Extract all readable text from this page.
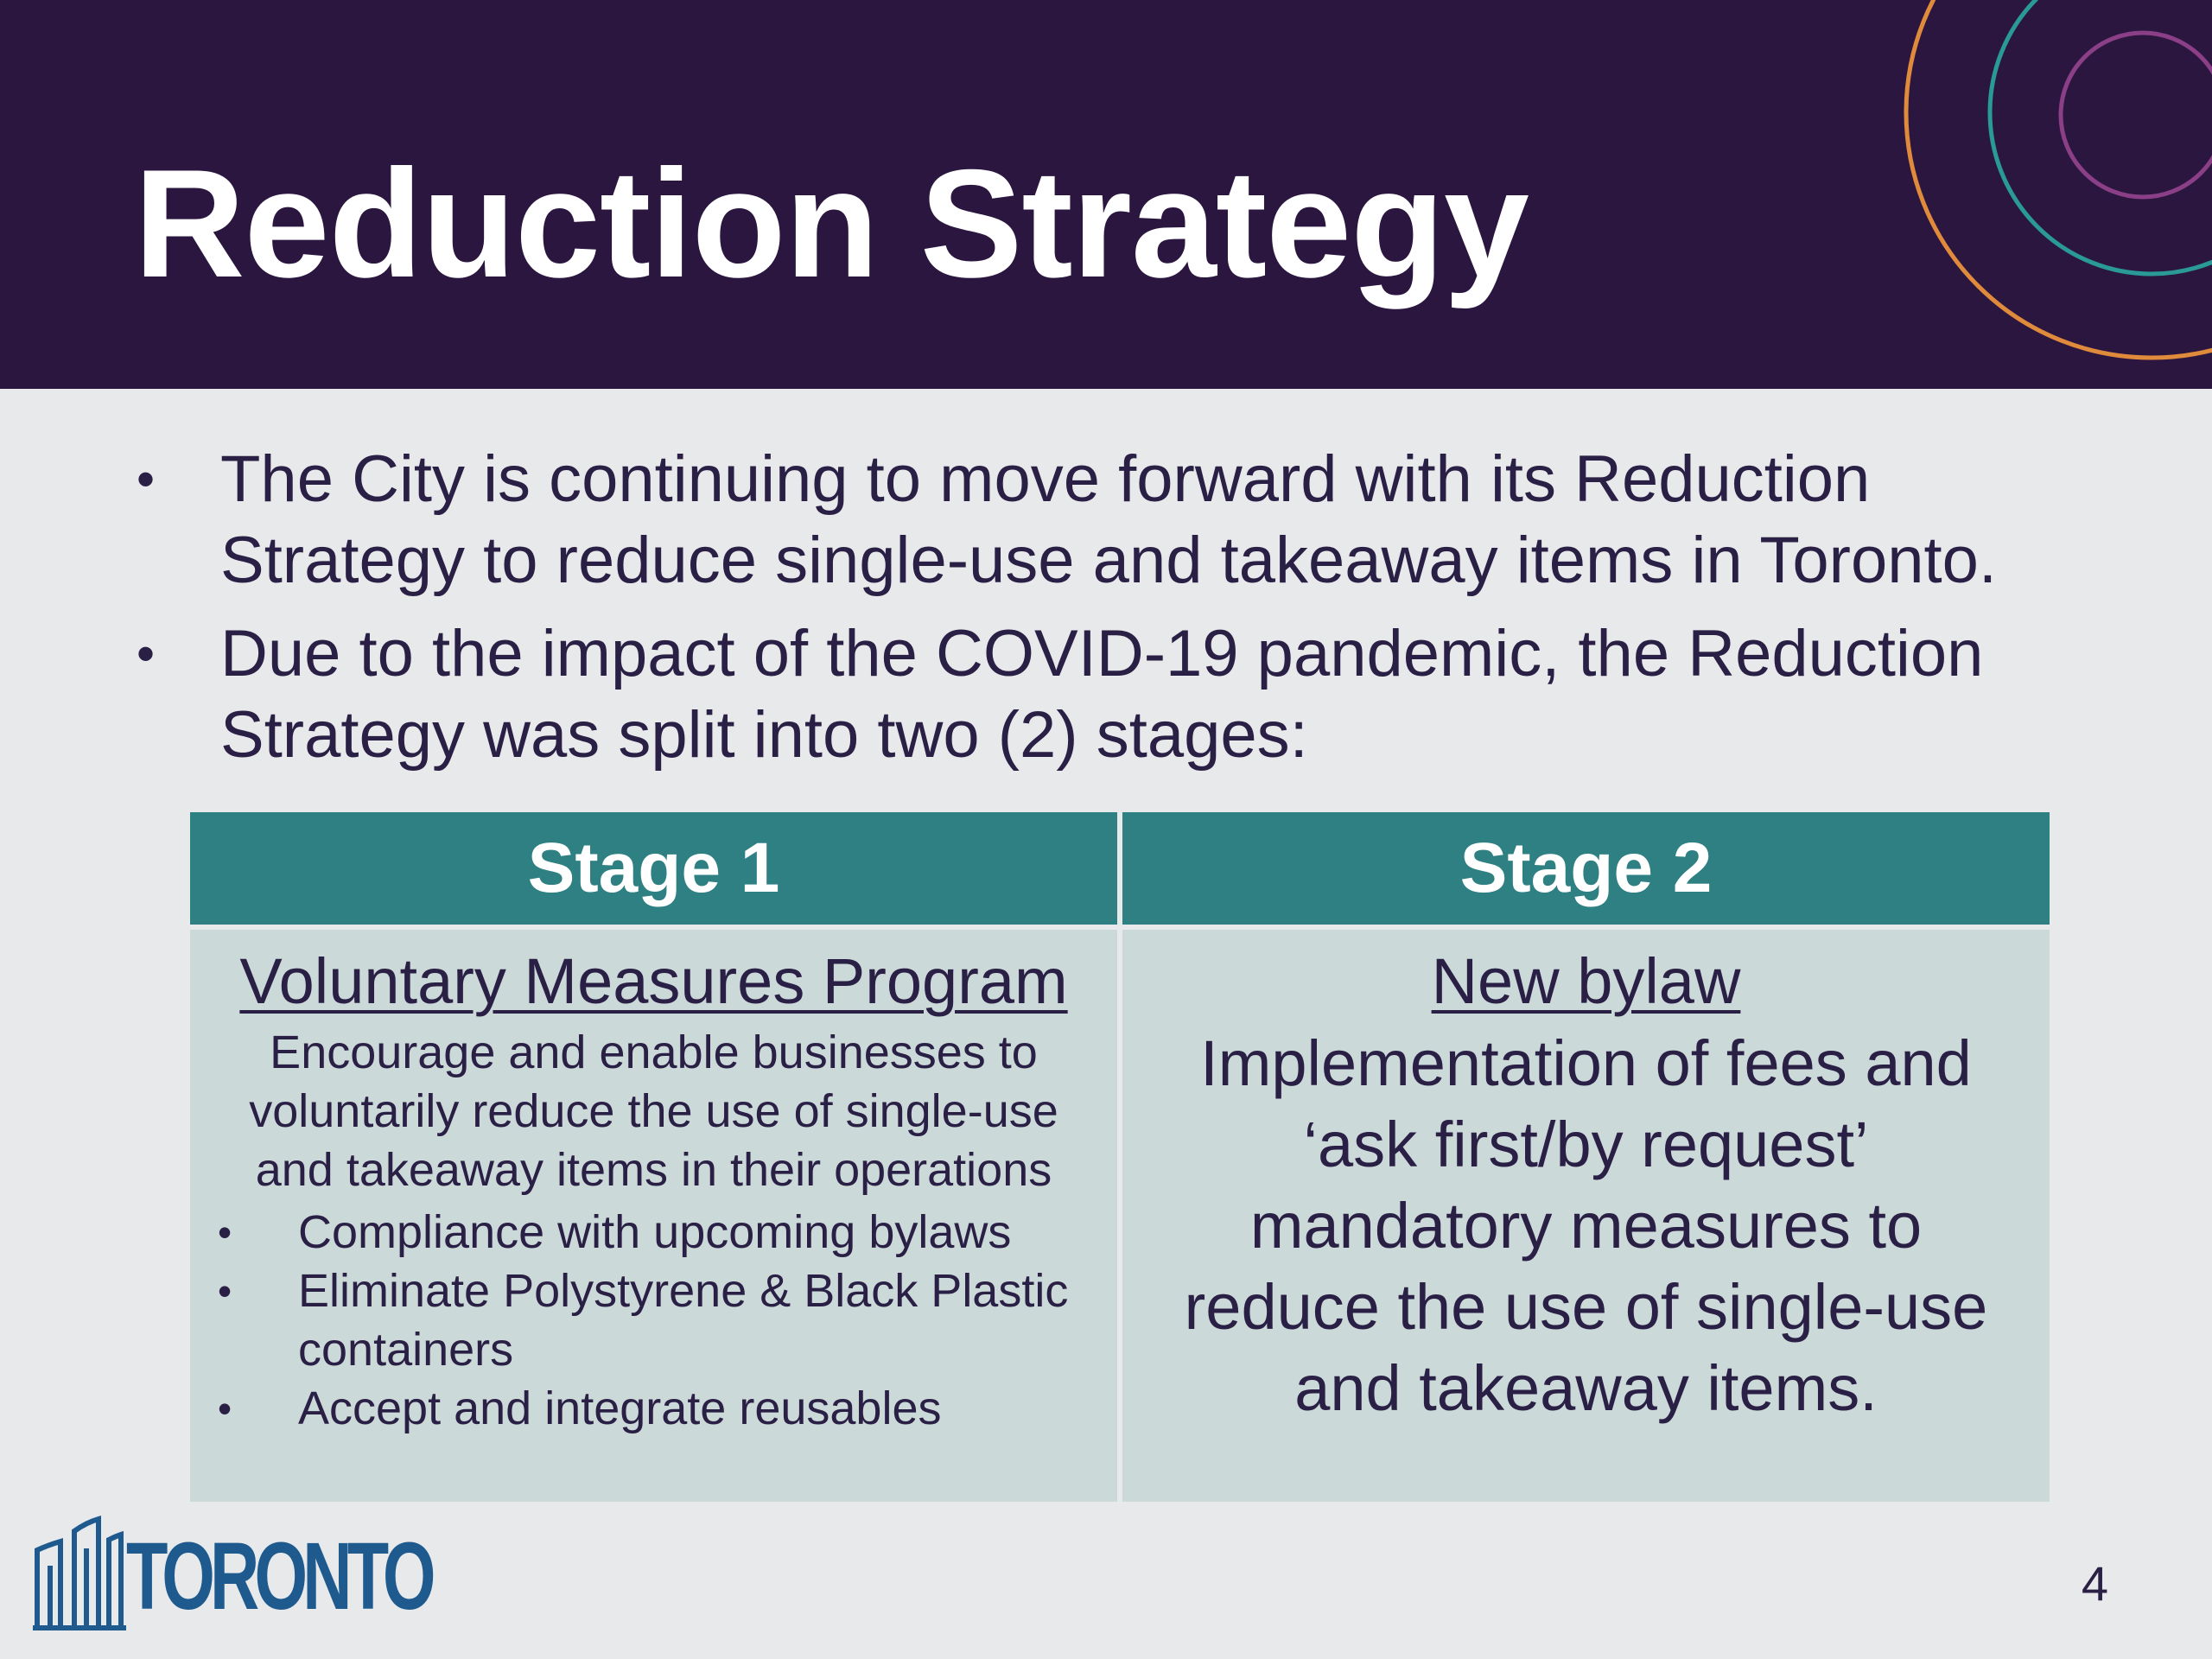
Reduction Strategy
• The City is continuing to move forward with its Reduction Strategy to reduce single-use and takeaway items in Toronto.
• Due to the impact of the COVID-19 pandemic, the Reduction Strategy was split into two (2) stages:
Stage 1	Stage 2
Voluntary Measures Program
Encourage and enable businesses to voluntarily reduce the use of single-use and takeaway items in their operations
• Compliance with upcoming bylaws
• Eliminate Polystyrene & Black Plastic containers
• Accept and integrate reusables
New bylaw
Implementation of fees and ‘ask first/by request’ mandatory measures to reduce the use of single-use and takeaway items.
TORONTO	4
